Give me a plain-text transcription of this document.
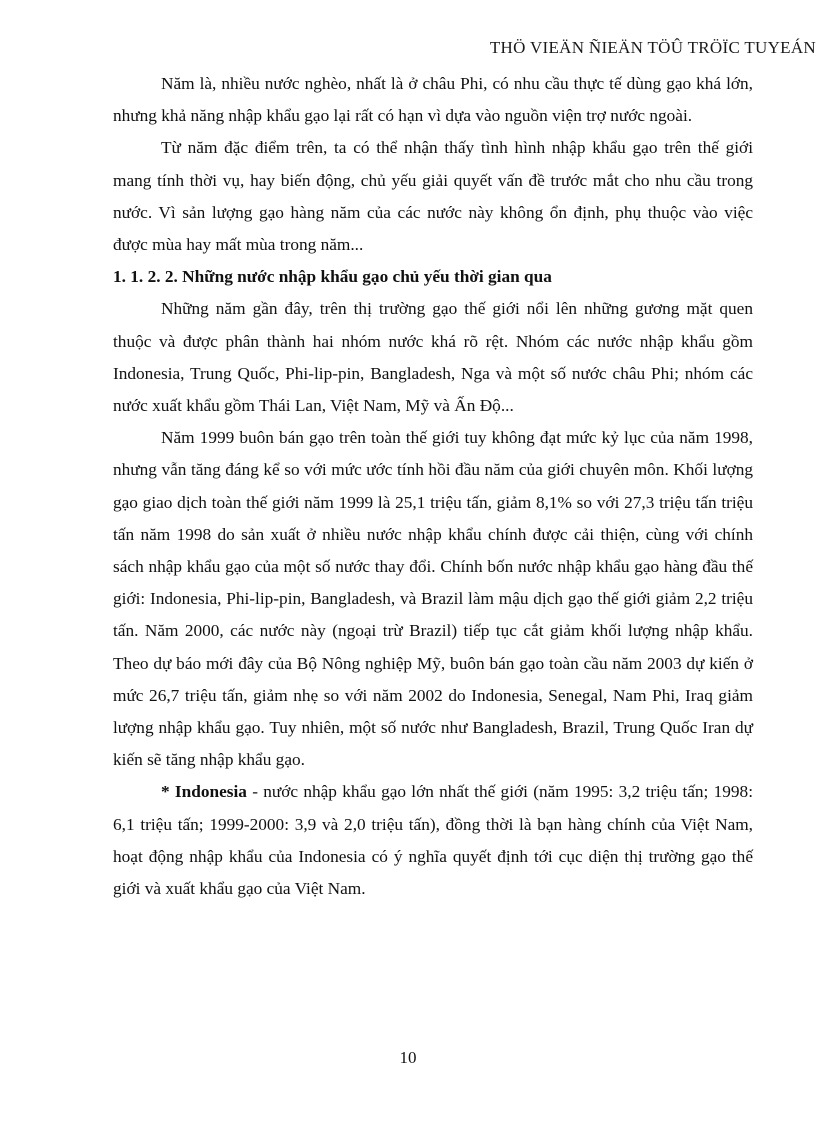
THÖ VIEÄN ÑIEÄN TÖÛ TRÖÏC TUYEÁN

Năm là, nhiều nước nghèo, nhất là ở châu Phi, có nhu cầu thực tế dùng gạo khá lớn, nhưng khả năng nhập khẩu gạo lại rất có hạn vì dựa vào nguồn viện trợ nước ngoài.

Từ năm đặc điểm trên, ta có thể nhận thấy tình hình nhập khẩu gạo trên thế giới mang tính thời vụ, hay biến động, chủ yếu giải quyết vấn đề trước mắt cho nhu cầu trong nước. Vì sản lượng gạo hàng năm của các nước này không ổn định, phụ thuộc vào việc được mùa hay mất mùa trong năm...

1. 1. 2. 2. Những nước nhập khẩu gạo chủ yếu thời gian qua

Những năm gần đây, trên thị trường gạo thế giới nổi lên những gương mặt quen thuộc và được phân thành hai nhóm nước khá rõ rệt. Nhóm các nước nhập khẩu gồm Indonesia, Trung Quốc, Phi-lip-pin, Bangladesh, Nga và một số nước châu Phi; nhóm các nước xuất khẩu gồm Thái Lan, Việt Nam, Mỹ và Ấn Độ...

Năm 1999 buôn bán gạo trên toàn thế giới tuy không đạt mức kỷ lục của năm 1998, nhưng vẫn tăng đáng kể so với mức ước tính hồi đầu năm của giới chuyên môn. Khối lượng gạo giao dịch toàn thế giới năm 1999 là 25,1 triệu tấn, giảm 8,1% so với 27,3 triệu tấn triệu tấn năm 1998 do sản xuất ở nhiều nước nhập khẩu chính được cải thiện, cùng với chính sách nhập khẩu gạo của một số nước thay đổi. Chính bốn nước nhập khẩu gạo hàng đầu thế giới: Indonesia, Phi-lip-pin, Bangladesh, và Brazil làm mậu dịch gạo thế giới giảm 2,2 triệu tấn. Năm 2000, các nước này (ngoại trừ Brazil) tiếp tục cắt giảm khối lượng nhập khẩu. Theo dự báo mới đây của Bộ Nông nghiệp Mỹ, buôn bán gạo toàn cầu năm 2003 dự kiến ở mức 26,7 triệu tấn, giảm nhẹ so với năm 2002 do Indonesia, Senegal, Nam Phi, Iraq giảm lượng nhập khẩu gạo. Tuy nhiên, một số nước như Bangladesh, Brazil, Trung Quốc Iran dự kiến sẽ tăng nhập khẩu gạo.

* Indonesia - nước nhập khẩu gạo lớn nhất thế giới (năm 1995: 3,2 triệu tấn; 1998: 6,1 triệu tấn; 1999-2000: 3,9 và 2,0 triệu tấn), đồng thời là bạn hàng chính của Việt Nam, hoạt động nhập khẩu của Indonesia có ý nghĩa quyết định tới cục diện thị trường gạo thế giới và xuất khẩu gạo của Việt Nam.

10
